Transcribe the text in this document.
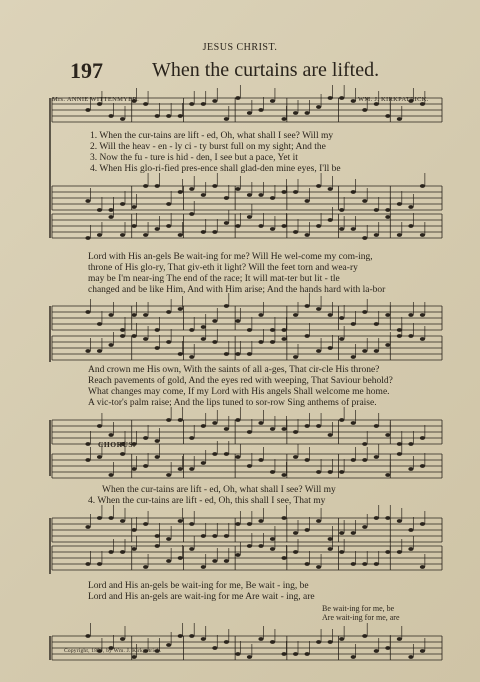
JESUS CHRIST.
197 When the curtains are lifted.
Mrs. ANNIE WITTENMYER.	WM. J. KIRKPATRICK.
1. When the cur-tains are lift - ed, Oh, what shall I see? Will my
2. Will the heav - en - ly ci - ty burst full on my sight; And the
3. Now the fu - ture is hid - den, I see but a pace, Yet it
4. When His glo-ri-fied pres-ence shall glad-den mine eyes, I'll be
Lord with His an-gels Be wait-ing for me? Will He wel-come my com-ing,
throne of His glo-ry, That giv-eth it light? Will the feet torn and wea-ry
may be I'm near-ing The end of the race; It will mat-ter but lit - tle
changed and be like Him, And with Him arise; And the hands hard with la-bor
And crown me His own, With the saints of all a-ges, That cir-cle His throne?
Reach pavements of gold, And the eyes red with weeping, That Saviour behold?
What changes may come, If my Lord with His angels Shall welcome me home.
A vic-tor's palm raise; And the lips tuned to sor-row Sing anthems of praise.
CHORUS.
When the cur-tains are lift - ed, Oh, what shall I see? Will my
4. When the cur-tains are lift - ed, Oh, this shall I see, That my
Lord and His an-gels be wait-ing for me, Be wait - ing, be
Lord and His an-gels are wait-ing for me Are wait - ing, are
Be wait-ing for me, be
Are wait-ing for me, are
Copyright, 1891, by Wm. J. Kirkpatrick.
